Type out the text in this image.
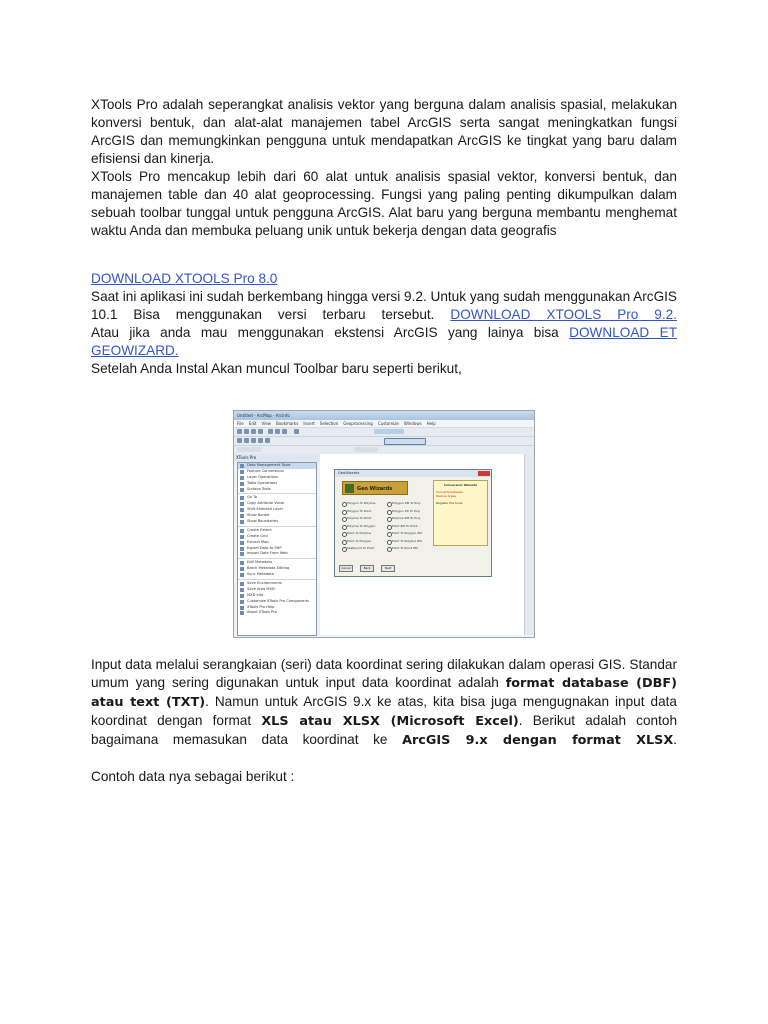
XTools Pro adalah seperangkat analisis vektor yang berguna dalam analisis spasial, melakukan konversi bentuk, dan alat-alat manajemen tabel ArcGIS serta sangat meningkatkan fungsi ArcGIS dan memungkinkan pengguna untuk mendapatkan ArcGIS ke tingkat yang baru dalam efisiensi dan kinerja.

XTools Pro mencakup lebih dari 60 alat untuk analisis spasial vektor, konversi bentuk, dan manajemen table dan 40 alat geoprocessing. Fungsi yang paling penting dikumpulkan dalam sebuah toolbar tunggal untuk pengguna ArcGIS. Alat baru yang berguna membantu menghemat waktu Anda dan membuka peluang unik untuk bekerja dengan data geografis

DOWNLOAD XTOOLS Pro 8.0

Saat ini aplikasi ini sudah berkembang hingga versi 9.2. Untuk yang sudah menggunakan ArcGIS 10.1 Bisa menggunakan versi terbaru tersebut. DOWNLOAD XTOOLS Pro 9.2.

Atau jika anda mau menggunakan ekstensi ArcGIS yang lainya bisa DOWNLOAD ET GEOWIZARD.

Setelah Anda Instal Akan muncul Toolbar baru seperti berikut,

Untitled - ArcMap - ArcInfo
File Edit View Bookmarks Insert Selection Geoprocessing Customize Windows Help
XTools Pro
Data Management Tools
Feature Conversions
Layer Operations
Table Operations
Surface Tools
Go To
Copy Attribute Value
Shift Selected Layer
Show Border
Show Boundaries
Create Extent
Create Grid
Extract Map
Export Data to SHP
Import Data From Web
Edit Metadata
Batch Metadata Editing
Sync Metadata
Save Environments
Save Area MXD
MXD Info
Customize XTools Pro Components
XTools Pro Help
About XTools Pro
GeoWizards
Geo Wizards
Polygon To Polyline
Polygon To Point
Polyline To Point
Polyline To Polygon
Point To Polyline
Point To Polygon
Multipoint To Point
Polygon ZM To Poly
Polygon 2D To Poly
Polyline ZM To Poly
Point ZM To Point
Point To Polygon ZM
Point To Polyline ZM
Point To Point ZM
Conversion Wizards
Converts between
feature types
Register the tools
Cancel	Back	Next

Input data melalui serangkaian (seri) data koordinat sering dilakukan dalam operasi GIS. Standar umum yang sering digunakan untuk input data koordinat adalah format database (DBF) atau text (TXT). Namun untuk ArcGIS 9.x ke atas, kita bisa juga mengugnakan input data koordinat dengan format XLS atau XLSX (Microsoft Excel). Berikut adalah contoh bagaimana memasukan data koordinat ke ArcGIS 9.x dengan format XLSX.

Contoh data nya sebagai berikut :
